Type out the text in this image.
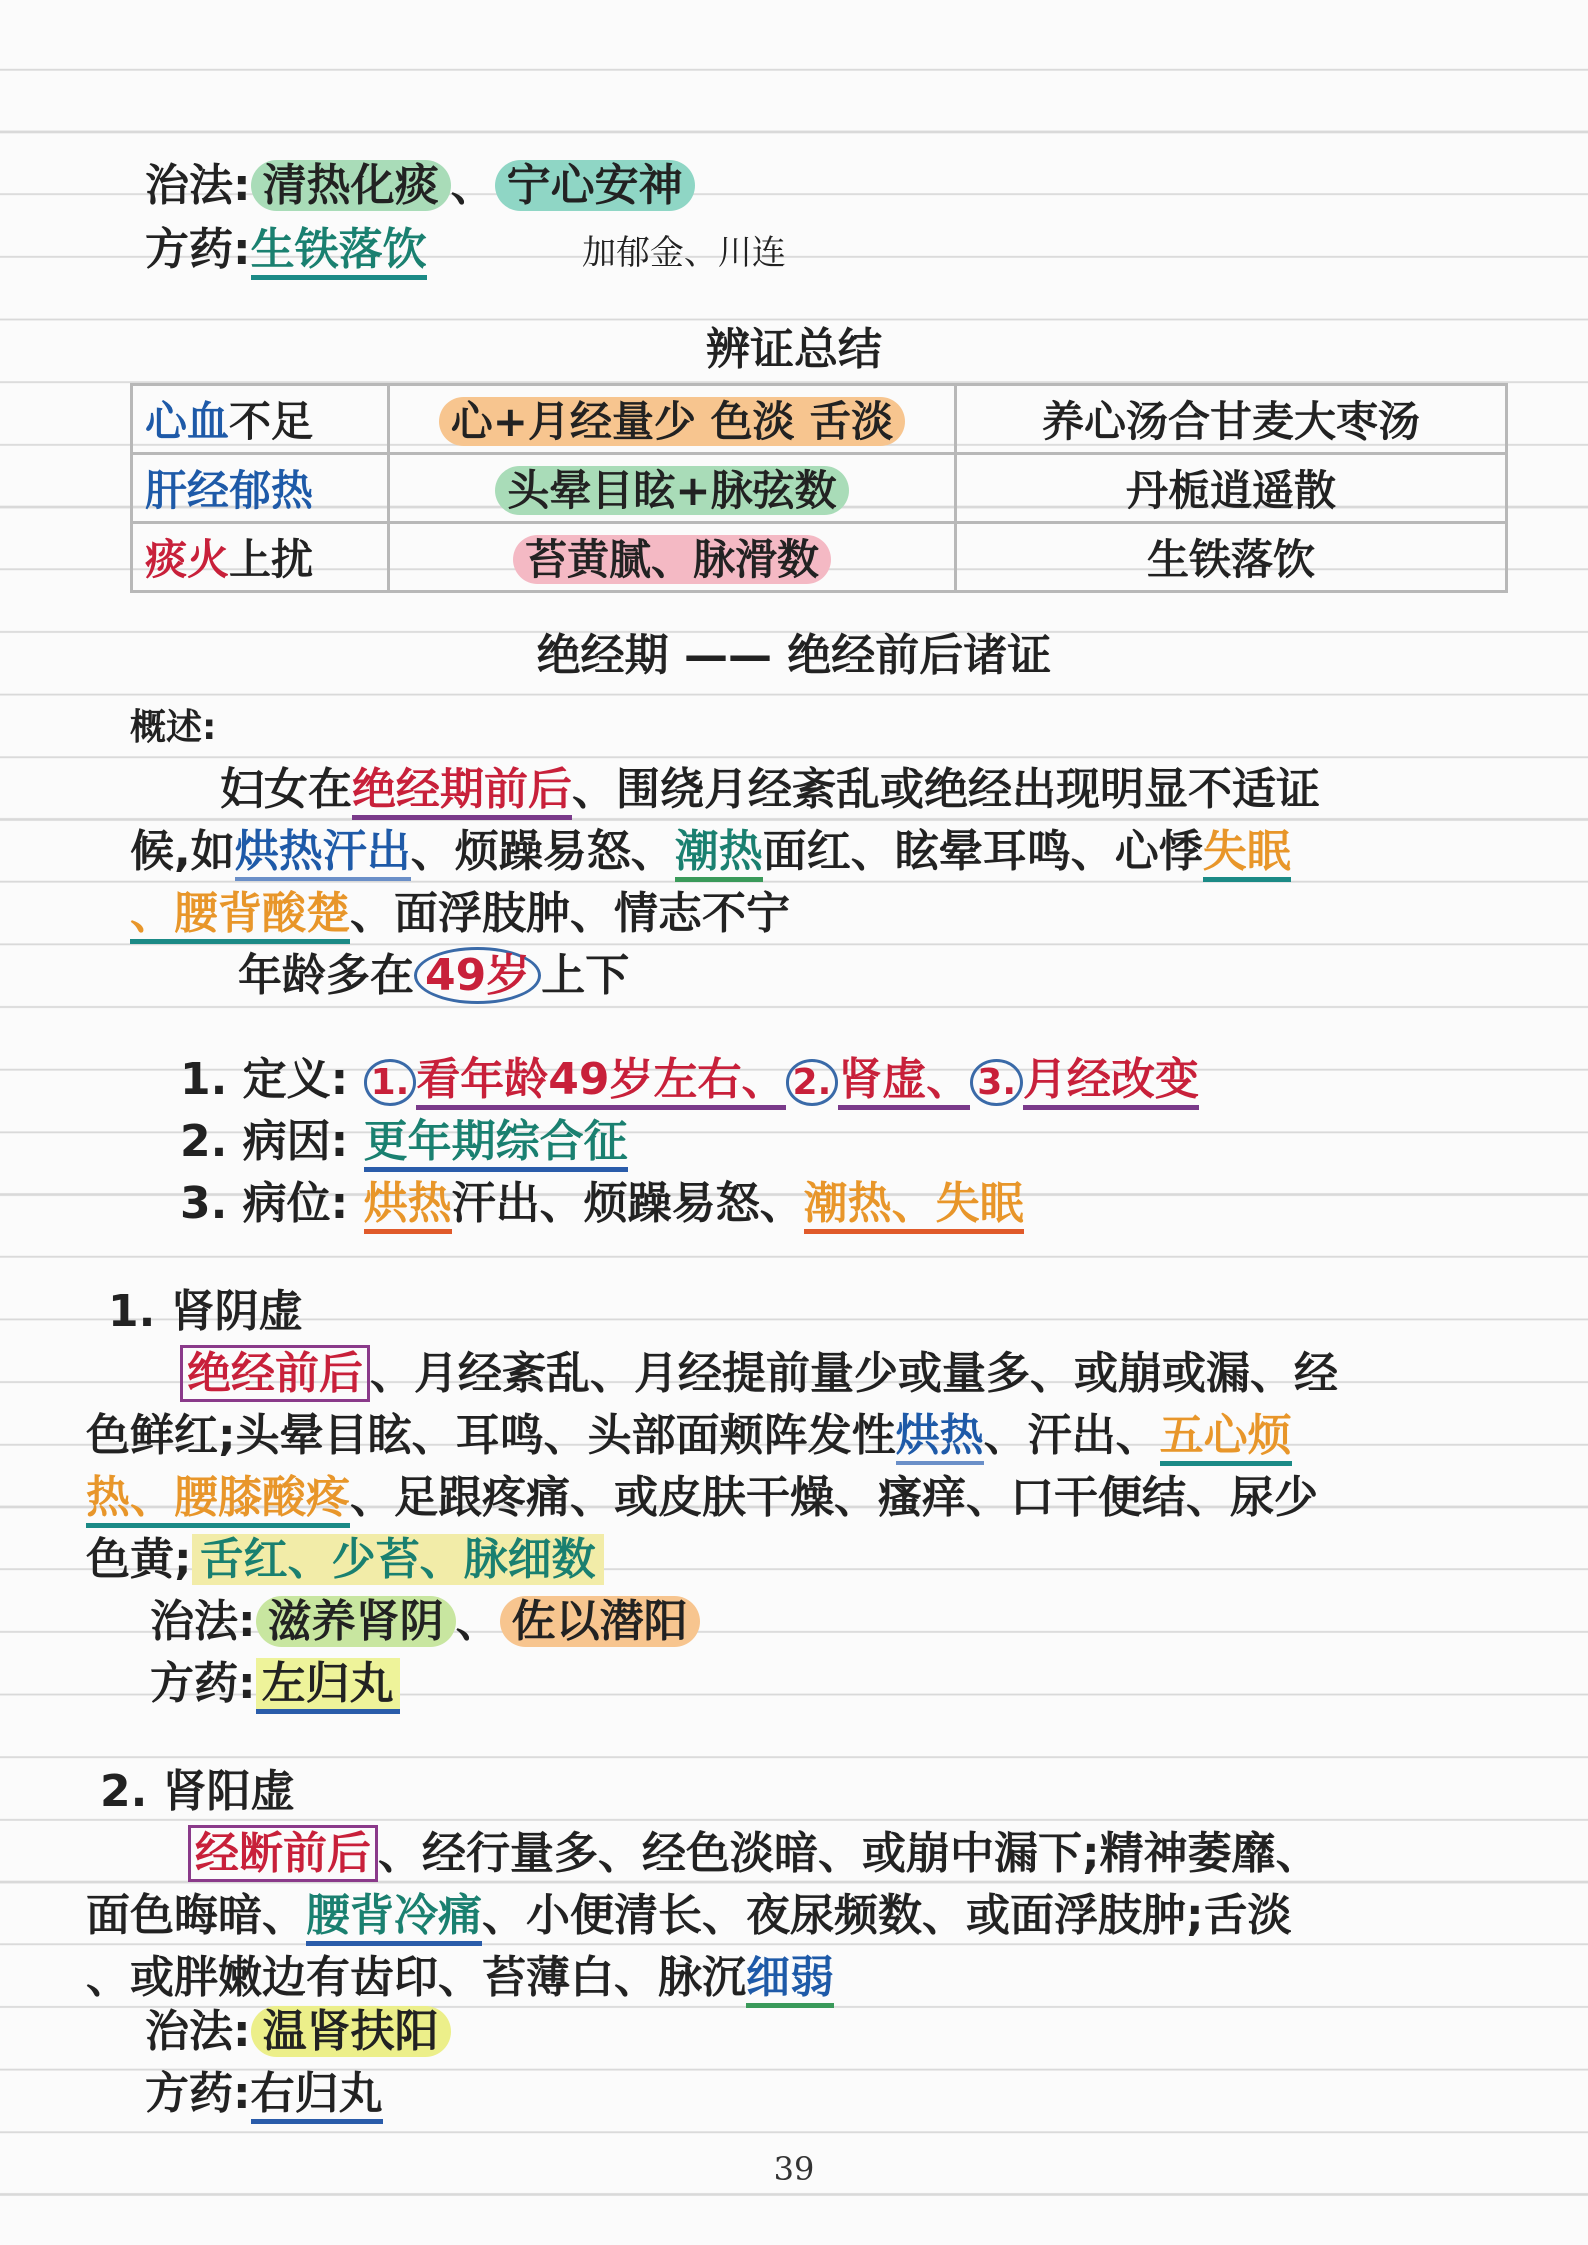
治法: 清热化痰 、 宁心安神
方药:生铁落饮	加郁金、川连
辨证总结
心血不足	心+月经量少 色淡 舌淡	养心汤合甘麦大枣汤
肝经郁热	头晕目眩+脉弦数	丹栀逍遥散
痰火上扰	苔黄腻、脉滑数	生铁落饮
绝经期 —— 绝经前后诸证
概述:
妇女在绝经期前后、围绕月经紊乱或绝经出现明显不适证
候,如烘热汗出、烦躁易怒、潮热面红、眩晕耳鸣、心悸失眠
、腰背酸楚、面浮肢肿、情志不宁
年龄多在 49岁 上下
1. 定义: 1. 看年龄49岁左右、 2. 肾虚、 3. 月经改变
2. 病因: 更年期综合征
3. 病位: 烘热汗出、烦躁易怒、潮热、失眠
1. 肾阴虚
绝经前后 、月经紊乱、月经提前量少或量多、或崩或漏、经
色鲜红;头晕目眩、耳鸣、头部面颊阵发性烘热、汗出、五心烦
热、腰膝酸疼、足跟疼痛、或皮肤干燥、瘙痒、口干便结、尿少
色黄; 舌红、少苔、脉细数
治法: 滋养肾阴 、 佐以潜阳
方药: 左归丸
2. 肾阳虚
经断前后 、经行量多、经色淡暗、或崩中漏下;精神萎靡、
面色晦暗、腰背冷痛、小便清长、夜尿频数、或面浮肢肿;舌淡
、或胖嫩边有齿印、苔薄白、脉沉细弱
治法: 温肾扶阳
方药:右归丸
39
